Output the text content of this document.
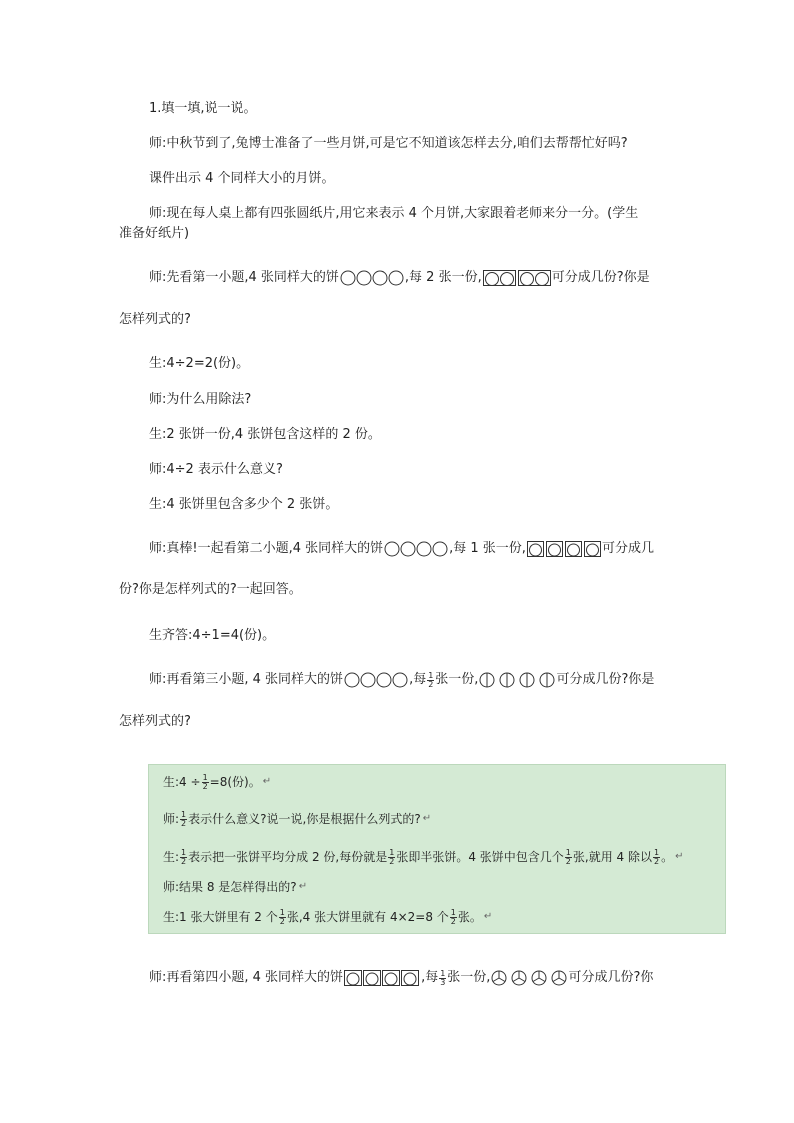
1.填一填,说一说。
师:中秋节到了,兔博士准备了一些月饼,可是它不知道该怎样去分,咱们去帮帮忙好吗?
课件出示 4 个同样大小的月饼。
师:现在每人桌上都有四张圆纸片,用它来表示 4 个月饼,大家跟着老师来分一分。(学生
准备好纸片)
师:先看第一小题,4 张同样大的饼	,每 2 张一份,	可分成几份?你是
怎样列式的?
生:4÷2=2(份)。
师:为什么用除法?
生:2 张饼一份,4 张饼包含这样的 2 份。
师:4÷2 表示什么意义?
生:4 张饼里包含多少个 2 张饼。
师:真棒!一起看第二小题,4 张同样大的饼	,每 1 张一份,	可分成几
份?你是怎样列式的?一起回答。
生齐答:4÷1=4(份)。
师:再看第三小题, 4 张同样大的饼	,每 $\frac{1}{2}$ 张一份,	可分成几份?你是
怎样列式的?
生:4 ÷ $\frac{1}{2} =8$(份)。 ↵
师: $\frac{1}{2}$ 表示什么意义?说一说,你是根据什么列式的? ↵
生: $\frac{1}{2}$ 表示把一张饼平均分成 2 份,每份就是 $\frac{1}{2}$ 张即半张饼。4 张饼中包含几个 $\frac{1}{2}$ 张,就用 4 除以 $\frac{1}{2}$ 。 ↵
师:结果 8 是怎样得出的? ↵
生:1 张大饼里有 2 个 $\frac{1}{2}$ 张,4 张大饼里就有 4×2=8 个 $\frac{1}{2}$ 张。 ↵
师:再看第四小题, 4 张同样大的饼	,每 $\frac{1}{3}$ 张一份,	可分成几份?你
